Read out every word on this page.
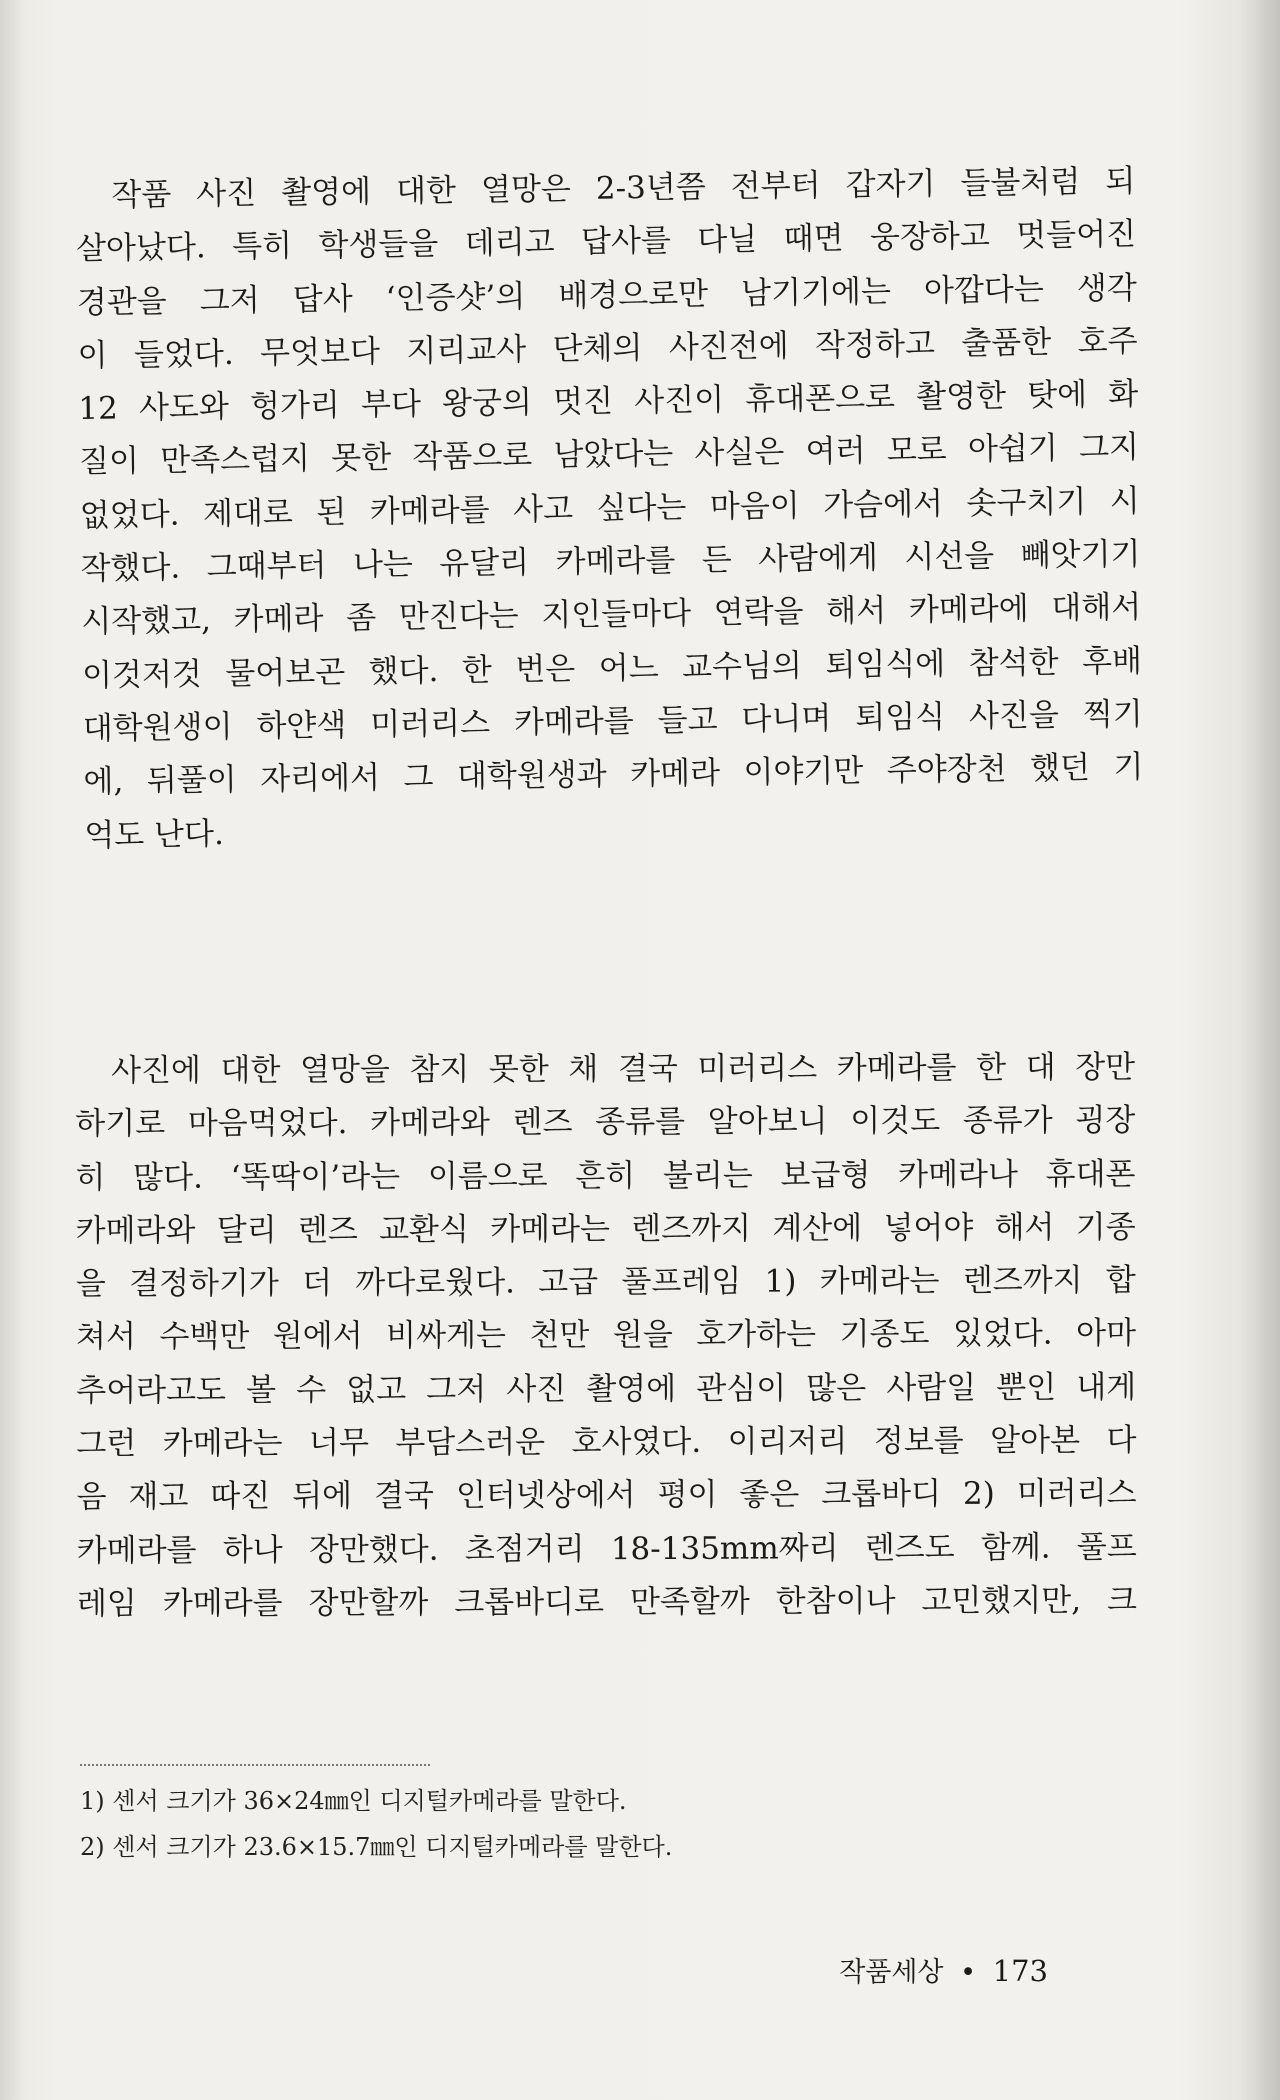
작품 사진 촬영에 대한 열망은 2-3년쯤 전부터 갑자기 들불처럼 되
살아났다. 특히 학생들을 데리고 답사를 다닐 때면 웅장하고 멋들어진
경관을 그저 답사 ‘인증샷’의 배경으로만 남기기에는 아깝다는 생각
이 들었다. 무엇보다 지리교사 단체의 사진전에 작정하고 출품한 호주
12 사도와 헝가리 부다 왕궁의 멋진 사진이 휴대폰으로 촬영한 탓에 화
질이 만족스럽지 못한 작품으로 남았다는 사실은 여러 모로 아쉽기 그지
없었다. 제대로 된 카메라를 사고 싶다는 마음이 가슴에서 솟구치기 시
작했다. 그때부터 나는 유달리 카메라를 든 사람에게 시선을 빼앗기기
시작했고, 카메라 좀 만진다는 지인들마다 연락을 해서 카메라에 대해서
이것저것 물어보곤 했다. 한 번은 어느 교수님의 퇴임식에 참석한 후배
대학원생이 하얀색 미러리스 카메라를 들고 다니며 퇴임식 사진을 찍기
에, 뒤풀이 자리에서 그 대학원생과 카메라 이야기만 주야장천 했던 기
억도 난다.
사진에 대한 열망을 참지 못한 채 결국 미러리스 카메라를 한 대 장만
하기로 마음먹었다. 카메라와 렌즈 종류를 알아보니 이것도 종류가 굉장
히 많다. ‘똑딱이’라는 이름으로 흔히 불리는 보급형 카메라나 휴대폰
카메라와 달리 렌즈 교환식 카메라는 렌즈까지 계산에 넣어야 해서 기종
을 결정하기가 더 까다로웠다. 고급 풀프레임 1) 카메라는 렌즈까지 합
쳐서 수백만 원에서 비싸게는 천만 원을 호가하는 기종도 있었다. 아마
추어라고도 볼 수 없고 그저 사진 촬영에 관심이 많은 사람일 뿐인 내게
그런 카메라는 너무 부담스러운 호사였다. 이리저리 정보를 알아본 다
음 재고 따진 뒤에 결국 인터넷상에서 평이 좋은 크롭바디 2) 미러리스
카메라를 하나 장만했다. 초점거리 18-135mm짜리 렌즈도 함께. 풀프
레임 카메라를 장만할까 크롭바디로 만족할까 한참이나 고민했지만, 크
1) 센서 크기가 36×24㎜인 디지털카메라를 말한다.
2) 센서 크기가 23.6×15.7㎜인 디지털카메라를 말한다.
작품세상 • 173
